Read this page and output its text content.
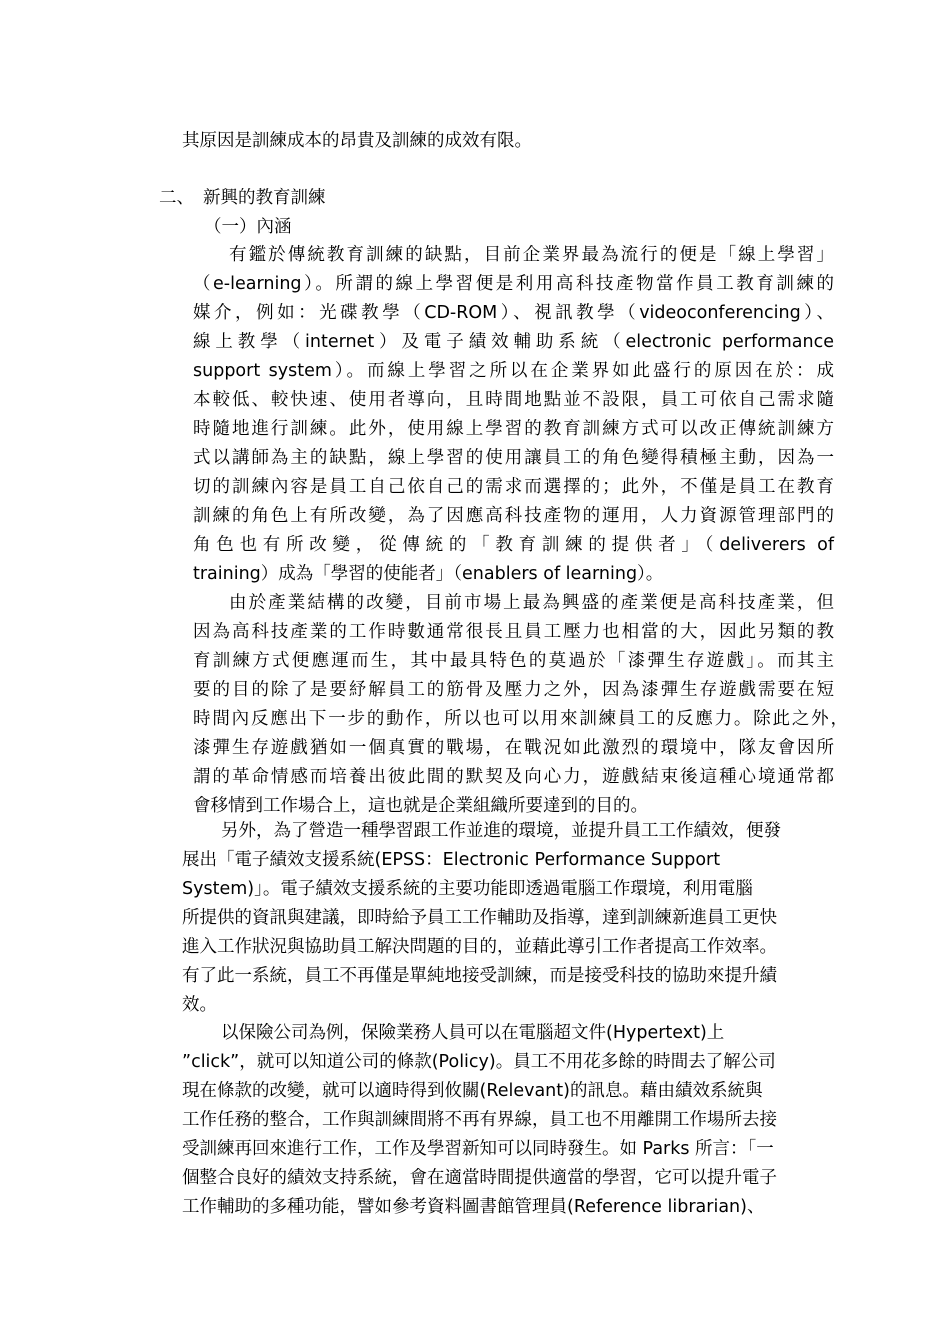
其原因是訓練成本的昂貴及訓練的成效有限。
二、 新興的教育訓練
（一）內涵
有鑑於傳統教育訓練的缺點，目前企業界最為流行的便是「線上學習」
（e-learning）。所謂的線上學習便是利用高科技產物當作員工教育訓練的
媒介，例如：光碟教學（CD-ROM）、視訊教學（videoconferencing）、
線上教學（internet）及電子績效輔助系統（electronic performance
support system）。而線上學習之所以在企業界如此盛行的原因在於：成
本較低、較快速、使用者導向，且時間地點並不設限，員工可依自己需求隨
時隨地進行訓練。此外，使用線上學習的教育訓練方式可以改正傳統訓練方
式以講師為主的缺點，線上學習的使用讓員工的角色變得積極主動，因為一
切的訓練內容是員工自己依自己的需求而選擇的；此外，不僅是員工在教育
訓練的角色上有所改變，為了因應高科技產物的運用，人力資源管理部門的
角色也有所改變，從傳統的「教育訓練的提供者」（deliverers of
training）成為「學習的使能者」（enablers of learning）。
由於產業結構的改變，目前市場上最為興盛的產業便是高科技產業，但
因為高科技產業的工作時數通常很長且員工壓力也相當的大，因此另類的教
育訓練方式便應運而生，其中最具特色的莫過於「漆彈生存遊戲」。而其主
要的目的除了是要紓解員工的筋骨及壓力之外，因為漆彈生存遊戲需要在短
時間內反應出下一步的動作，所以也可以用來訓練員工的反應力。除此之外，
漆彈生存遊戲猶如一個真實的戰場，在戰況如此激烈的環境中，隊友會因所
謂的革命情感而培養出彼此間的默契及向心力，遊戲結束後這種心境通常都
會移情到工作場合上，這也就是企業組織所要達到的目的。
另外，為了營造一種學習跟工作並進的環境，並提升員工工作績效，便發
展出「電子績效支援系統(EPSS：Electronic Performance Support
System)」。電子績效支援系統的主要功能即透過電腦工作環境，利用電腦
所提供的資訊與建議，即時給予員工工作輔助及指導，達到訓練新進員工更快
進入工作狀況與協助員工解決問題的目的，並藉此導引工作者提高工作效率。
有了此一系統，員工不再僅是單純地接受訓練，而是接受科技的協助來提升績
效。
以保險公司為例，保險業務人員可以在電腦超文件(Hypertext)上
”click”，就可以知道公司的條款(Policy)。員工不用花多餘的時間去了解公司
現在條款的改變，就可以適時得到攸關(Relevant)的訊息。藉由績效系統與
工作任務的整合，工作與訓練間將不再有界線，員工也不用離開工作場所去接
受訓練再回來進行工作，工作及學習新知可以同時發生。如 Parks 所言：「一
個整合良好的績效支持系統，會在適當時間提供適當的學習，它可以提升電子
工作輔助的多種功能，譬如參考資料圖書館管理員(Reference librarian)、
